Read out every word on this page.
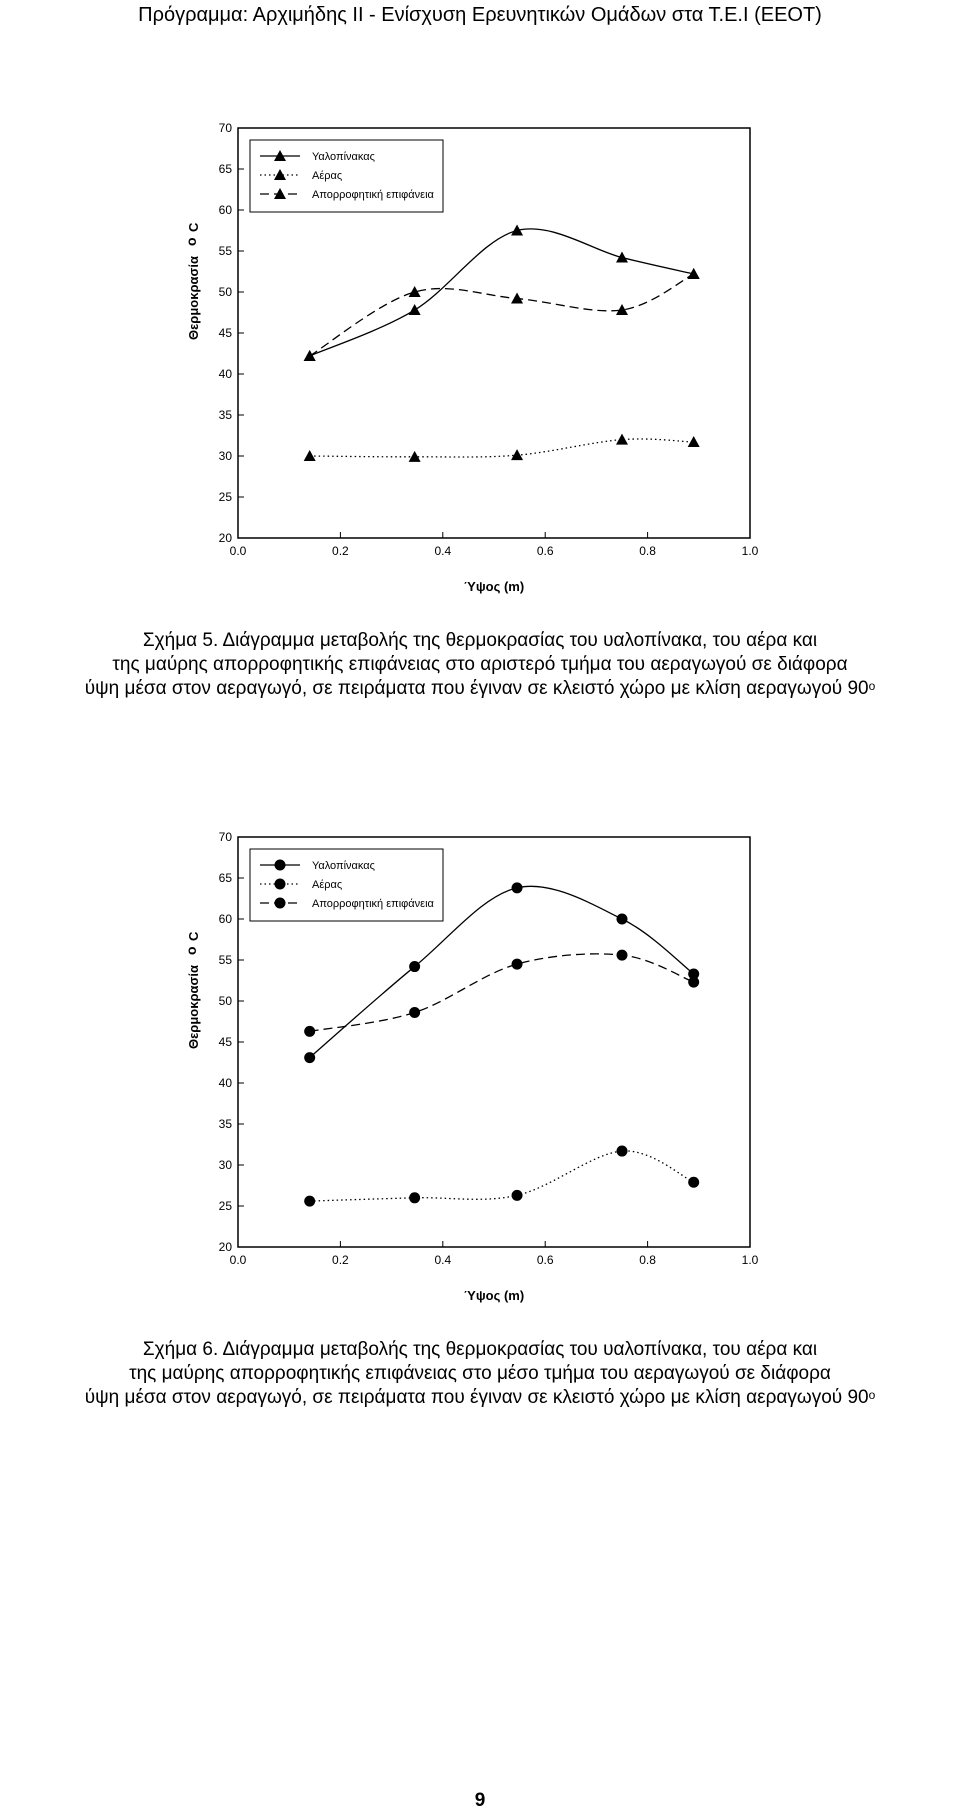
Πρόγραμμα: Αρχιμήδης ΙΙ - Ενίσχυση Ερευνητικών Ομάδων στα Τ.Ε.Ι (ΕΕΟΤ)
20
25
30
35
40
45
50
55
60
65
70
0.0	0.2	0.4	0.6	0.8	1.0
Ύψος (m)
Θερμοκρασία
o
C
Υαλοπίνακας
Αέρας
Απορροφητική επιφάνεια
Σχήμα 5. Διάγραμμα μεταβολής της θερμοκρασίας του υαλοπίνακα, του αέρα και
της μαύρης απορροφητικής επιφάνειας στο αριστερό τμήμα του αεραγωγού σε διάφορα
ύψη μέσα στον αεραγωγό, σε πειράματα που έγιναν σε κλειστό χώρο με κλίση αεραγωγού $90^o$
20
25
30
35
40
45
50
55
60
65
70
0.0	0.2	0.4	0.6	0.8	1.0
Ύψος (m)
Θερμοκρασία
o
C
Υαλοπίνακας
Αέρας
Απορροφητική επιφάνεια
Σχήμα 6. Διάγραμμα μεταβολής της θερμοκρασίας του υαλοπίνακα, του αέρα και
της μαύρης απορροφητικής επιφάνειας στο μέσο τμήμα του αεραγωγού σε διάφορα
ύψη μέσα στον αεραγωγό, σε πειράματα που έγιναν σε κλειστό χώρο με κλίση αεραγωγού $90^o$
9
